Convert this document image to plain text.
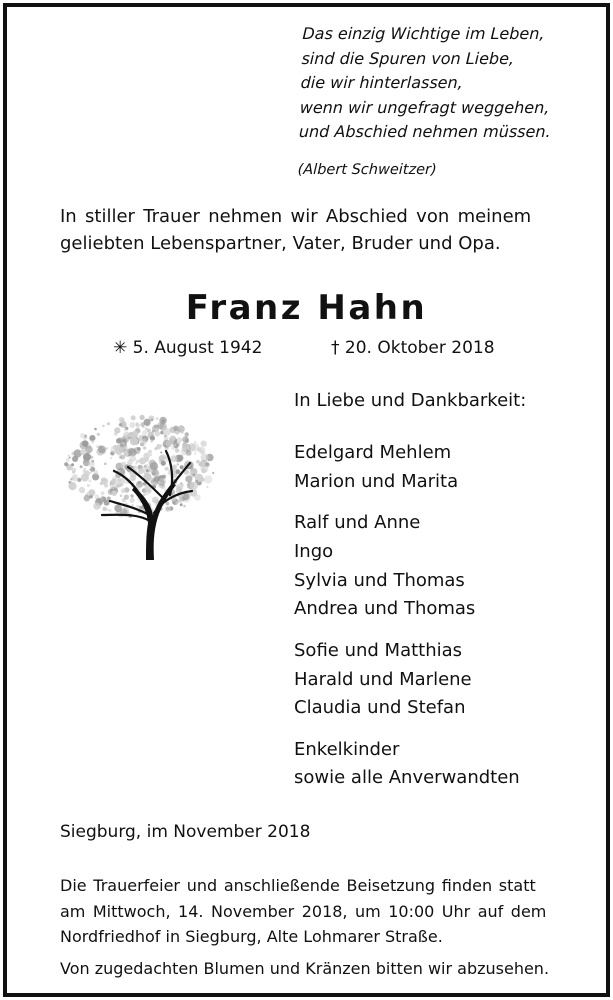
Das einzig Wichtige im Leben,
sind die Spuren von Liebe,
die wir hinterlassen,
wenn wir ungefragt weggehen,
und Abschied nehmen müssen.
(Albert Schweitzer)
In stiller Trauer nehmen wir Abschied von meinem
geliebten Lebenspartner, Vater, Bruder und Opa.
Franz Hahn
✳ 5. August 1942	† 20. Oktober 2018
In Liebe und Dankbarkeit:
Edelgard Mehlem
Marion und Marita
Ralf und Anne
Ingo
Sylvia und Thomas
Andrea und Thomas
Sofie und Matthias
Harald und Marlene
Claudia und Stefan
Enkelkinder
sowie alle Anverwandten
Siegburg, im November 2018
Die Trauerfeier und anschließende Beisetzung finden statt
am Mittwoch, 14. November 2018, um 10:00 Uhr auf dem
Nordfriedhof in Siegburg, Alte Lohmarer Straße.
Von zugedachten Blumen und Kränzen bitten wir abzusehen.
